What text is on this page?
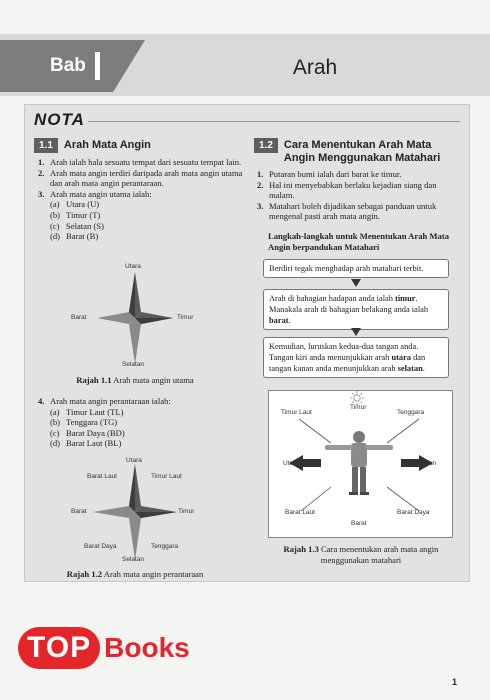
Bab	Arah
NOTA
1.1	Arah Mata Angin
1. Arah ialah hala sesuatu tempat dari sesuatu tempat lain.
2. Arah mata angin terdiri daripada arah mata angin utama dan arah mata angin perantaraan.
3. Arah mata angin utama ialah:
(a) Utara (U)
(b) Timur (T)
(c) Selatan (S)
(d) Barat (B)
Utara
Timur
Selatan
Barat
Rajah 1.1 Arah mata angin utama
4. Arah mata angin perantaraan ialah:
(a) Timur Laut (TL)
(b) Tenggara (TG)
(c) Barat Daya (BD)
(d) Barat Laut (BL)
Utara
Timur Laut
Timur
Tenggara
Selatan
Barat Daya
Barat
Barat Laut
Rajah 1.2 Arah mata angin perantaraan
1.2	Cara Menentukan Arah Mata Angin Menggunakan Matahari
1. Putaran bumi ialah dari barat ke timur.
2. Hal ini menyebabkan berlaku kejadian siang dan malam.
3. Matahari boleh dijadikan sebagai panduan untuk mengenal pasti arah mata angin.
Langkah-langkah untuk Menentukan Arah Mata Angin berpandukan Matahari
Berdiri tegak menghadap arah matahari terbit.
Arah di bahagian hadapan anda ialah timur. Manakala arah di bahagian belakang anda ialah barat.
Kemudian, luruskan kedua-dua tangan anda. Tangan kiri anda menunjukkan arah utara dan tangan kanan anda menunjukkan arah selatan.
Timur
Timur Laut	Tenggara
Utara	Selatan
Barat Laut	Barat Daya
Barat
Rajah 1.3 Cara menentukan arah mata angin menggunakan matahari
TOP Books
1
